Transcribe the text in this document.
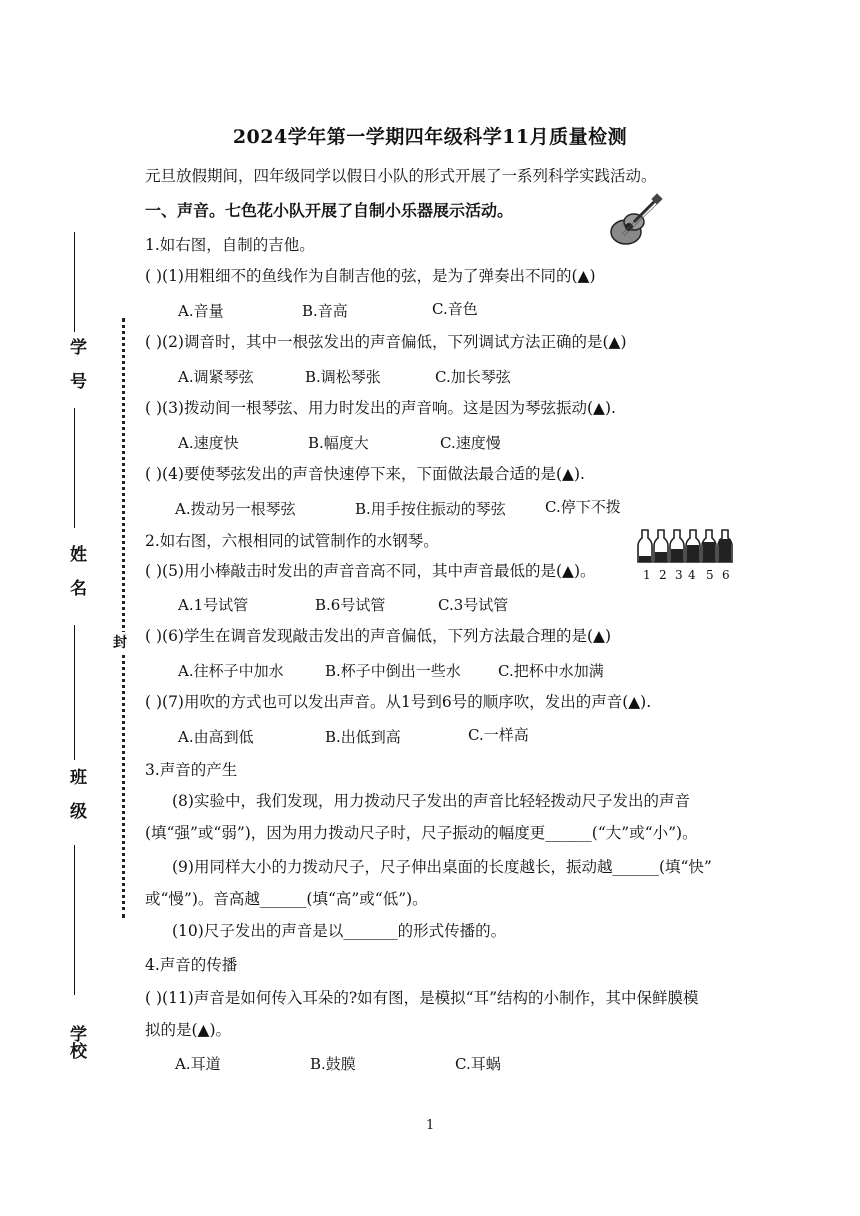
学　号
姓　名
班　级
学校
封
2024学年第一学期四年级科学11月质量检测
元旦放假期间，四年级同学以假日小队的形式开展了一系列科学实践活动。
一、声音。七色花小队开展了自制小乐器展示活动。
1.如右图，自制的吉他。
( )(1)用粗细不的鱼线作为自制吉他的弦，是为了弹奏出不同的(▲)
A.音量	B.音高	C.音色
( )(2)调音时，其中一根弦发出的声音偏低，下列调试方法正确的是(▲)
A.调紧琴弦	B.调松琴张	C.加长琴弦
( )(3)拨动间一根琴弦、用力时发出的声音响。这是因为琴弦振动(▲).
A.速度快	B.幅度大	C.速度慢
( )(4)要使琴弦发出的声音快速停下来，下面做法最合适的是(▲).
A.拨动另一根琴弦	B.用手按住振动的琴弦	C.停下不拨
2.如右图，六根相同的试管制作的水钢琴。
1 2 3 4 5 6
( )(5)用小棒敲击时发出的声音音高不同，其中声音最低的是(▲)。
A.1号试管	B.6号试管	C.3号试管
( )(6)学生在调音发现敲击发出的声音偏低，下列方法最合理的是(▲)
A.往杯子中加水	B.杯子中倒出一些水 C.把杯中水加满
( )(7)用吹的方式也可以发出声音。从1号到6号的顺序吹，发出的声音(▲).
A.由高到低	B.出低到高	C.一样高
3.声音的产生
(8)实验中，我们发现，用力拨动尺子发出的声音比轻轻拨动尺子发出的声音
(填“强”或“弱”)，因为用力拨动尺子时，尺子振动的幅度更______(“大”或“小”)。
(9)用同样大小的力拨动尺子，尺子伸出桌面的长度越长，振动越______(填“快”
或“慢”)。音高越______(填“高”或“低”)。
(10)尺子发出的声音是以_______的形式传播的。
4.声音的传播
( )(11)声音是如何传入耳朵的?如有图，是模拟“耳”结构的小制作，其中保鲜膜模
拟的是(▲)。
A.耳道	B.鼓膜	C.耳蜗
1
